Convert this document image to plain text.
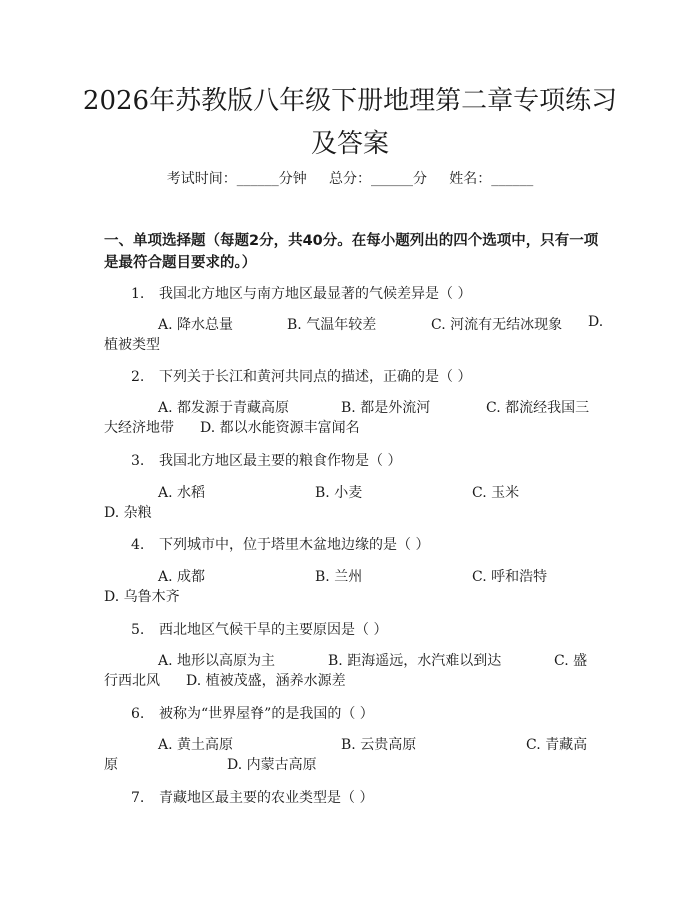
2026年苏教版八年级下册地理第二章专项练习及答案
考试时间：______分钟     总分：______分     姓名：______
一、单项选择题（每题2分，共40分。在每小题列出的四个选项中，只有一项是最符合题目要求的。）
1. 我国北方地区与南方地区最显著的气候差异是（ ）
A. 降水总量	B. 气温年较差	C. 河流有无结冰现象 D.
植被类型
2. 下列关于长江和黄河共同点的描述，正确的是（ ）
A. 都发源于青藏高原	B. 都是外流河	C. 都流经我国三
大经济地带 D. 都以水能资源丰富闻名
3. 我国北方地区最主要的粮食作物是（ ）
A. 水稻	B. 小麦	C. 玉米
D. 杂粮
4. 下列城市中，位于塔里木盆地边缘的是（ ）
A. 成都	B. 兰州	C. 呼和浩特
D. 乌鲁木齐
5. 西北地区气候干旱的主要原因是（ ）
A. 地形以高原为主	B. 距海遥远，水汽难以到达	C. 盛
行西北风 D. 植被茂盛，涵养水源差
6. 被称为“世界屋脊”的是我国的（ ）
A. 黄土高原	B. 云贵高原	C. 青藏高
原	D. 内蒙古高原
7. 青藏地区最主要的农业类型是（ ）
